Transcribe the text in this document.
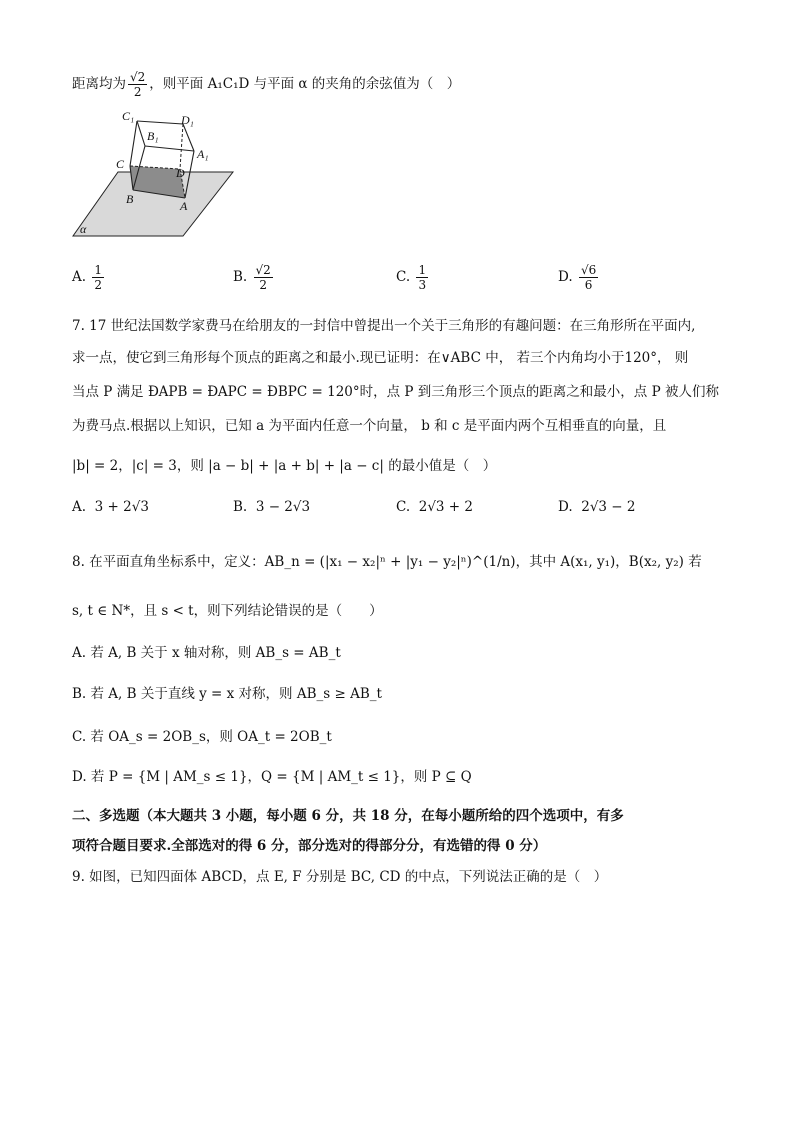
距离均为 $\frac{√2}{2}$ ，则平面 A₁C₁D 与平面 α 的夹角的余弦值为（　）
C₁
B₁
D₁
A₁
C
D
B	A
α
A. $\frac{1}{2}$	B. $\frac{√2}{2}$	C. $\frac{1}{3}$	D. $\frac{√6}{6}$
7. 17 世纪法国数学家费马在给朋友的一封信中曾提出一个关于三角形的有趣问题：在三角形所在平面内,
求一点，使它到三角形每个顶点的距离之和最小.现已证明：在∨ABC 中， 若三个内角均小于120°， 则
当点 P 满足 ÐAPB = ÐAPC = ÐBPC = 120°时，点 P 到三角形三个顶点的距离之和最小，点 P 被人们称
为费马点.根据以上知识，已知 a 为平面内任意一个向量， b 和 c 是平面内两个互相垂直的向量，且
|b| = 2，|c| = 3，则 |a − b| + |a + b| + |a − c| 的最小值是（　）
A. 3 + 2√3	B. 3 − 2√3	C. 2√3 + 2	D. 2√3 − 2
8. 在平面直角坐标系中，定义：AB_n = (|x₁ − x₂|ⁿ + |y₁ − y₂|ⁿ)^(1/n)，其中 A(x₁, y₁)，B(x₂, y₂) 若
s, t ∈ N*，且 s < t，则下列结论错误的是（　　）
A. 若 A, B 关于 x 轴对称，则 AB_s = AB_t
B. 若 A, B 关于直线 y = x 对称，则 AB_s ≥ AB_t
C. 若 OA_s = 2OB_s，则 OA_t = 2OB_t
D. 若 P = {M | AM_s ≤ 1}，Q = {M | AM_t ≤ 1}，则 P ⊆ Q
二、多选题（本大题共 3 小题，每小题 6 分，共 18 分，在每小题所给的四个选项中，有多
项符合题目要求.全部选对的得 6 分，部分选对的得部分分，有选错的得 0 分）
9. 如图，已知四面体 ABCD，点 E, F 分别是 BC, CD 的中点，下列说法正确的是（　）
